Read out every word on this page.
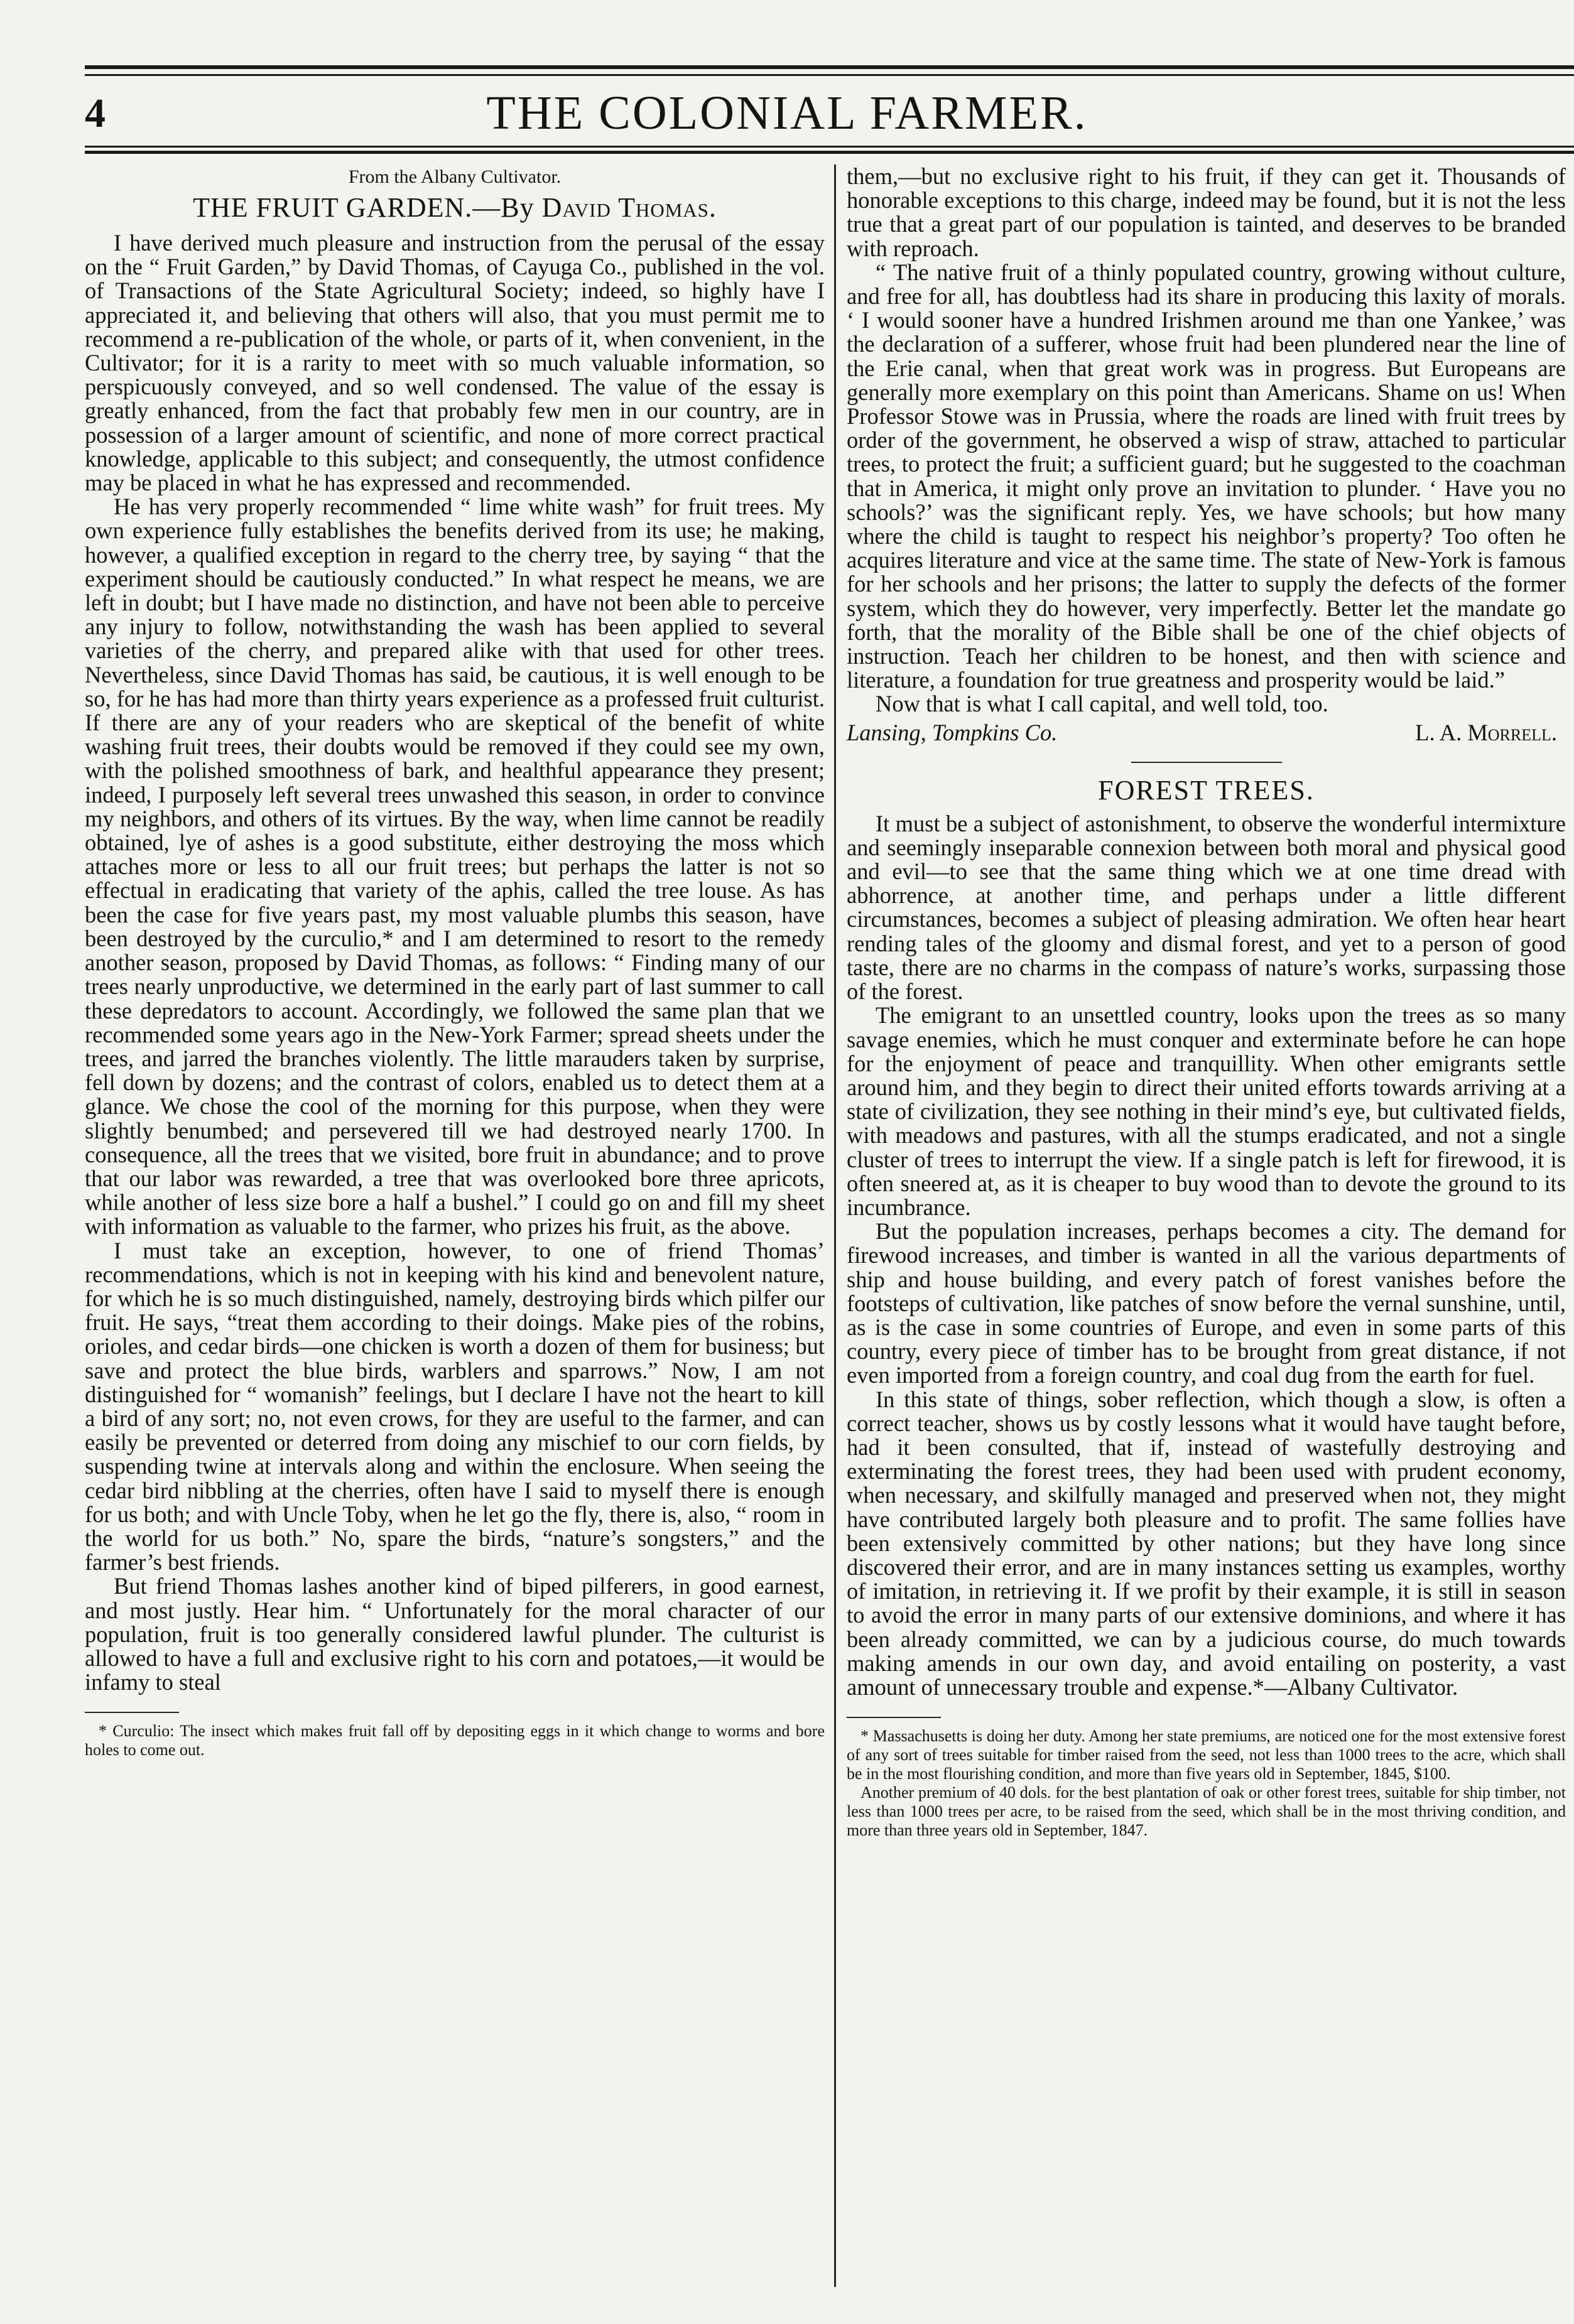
4	THE COLONIAL FARMER.

From the Albany Cultivator.

THE FRUIT GARDEN.—By David Thomas.

I have derived much pleasure and instruction from the perusal of the essay on the “ Fruit Garden,” by David Thomas, of Cayuga Co., published in the vol. of Transactions of the State Agricultural Society; indeed, so highly have I appreciated it, and believing that others will also, that you must permit me to recommend a re-publication of the whole, or parts of it, when convenient, in the Cultivator; for it is a rarity to meet with so much valuable information, so perspicuously conveyed, and so well condensed. The value of the essay is greatly enhanced, from the fact that probably few men in our country, are in possession of a larger amount of scientific, and none of more correct practical knowledge, applicable to this subject; and consequently, the utmost confidence may be placed in what he has expressed and recommended.

He has very properly recommended “ lime white wash” for fruit trees. My own experience fully establishes the benefits derived from its use; he making, however, a qualified exception in regard to the cherry tree, by saying “ that the experiment should be cautiously conducted.” In what respect he means, we are left in doubt; but I have made no distinction, and have not been able to perceive any injury to follow, notwithstanding the wash has been applied to several varieties of the cherry, and prepared alike with that used for other trees. Nevertheless, since David Thomas has said, be cautious, it is well enough to be so, for he has had more than thirty years experience as a professed fruit culturist. If there are any of your readers who are skeptical of the benefit of white washing fruit trees, their doubts would be removed if they could see my own, with the polished smoothness of bark, and healthful appearance they present; indeed, I purposely left several trees unwashed this season, in order to convince my neighbors, and others of its virtues. By the way, when lime cannot be readily obtained, lye of ashes is a good substitute, either destroying the moss which attaches more or less to all our fruit trees; but perhaps the latter is not so effectual in eradicating that variety of the aphis, called the tree louse. As has been the case for five years past, my most valuable plumbs this season, have been destroyed by the curculio,* and I am determined to resort to the remedy another season, proposed by David Thomas, as follows: “ Finding many of our trees nearly unproductive, we determined in the early part of last summer to call these depredators to account. Accordingly, we followed the same plan that we recommended some years ago in the New-York Farmer; spread sheets under the trees, and jarred the branches violently. The little marauders taken by surprise, fell down by dozens; and the contrast of colors, enabled us to detect them at a glance. We chose the cool of the morning for this purpose, when they were slightly benumbed; and persevered till we had destroyed nearly 1700. In consequence, all the trees that we visited, bore fruit in abundance; and to prove that our labor was rewarded, a tree that was overlooked bore three apricots, while another of less size bore a half a bushel.” I could go on and fill my sheet with information as valuable to the farmer, who prizes his fruit, as the above.

I must take an exception, however, to one of friend Thomas’ recommendations, which is not in keeping with his kind and benevolent nature, for which he is so much distinguished, namely, destroying birds which pilfer our fruit. He says, “treat them according to their doings. Make pies of the robins, orioles, and cedar birds—one chicken is worth a dozen of them for business; but save and protect the blue birds, warblers and sparrows.” Now, I am not distinguished for “ womanish” feelings, but I declare I have not the heart to kill a bird of any sort; no, not even crows, for they are useful to the farmer, and can easily be prevented or deterred from doing any mischief to our corn fields, by suspending twine at intervals along and within the enclosure. When seeing the cedar bird nibbling at the cherries, often have I said to myself there is enough for us both; and with Uncle Toby, when he let go the fly, there is, also, “ room in the world for us both.” No, spare the birds, “nature’s songsters,” and the farmer’s best friends.

But friend Thomas lashes another kind of biped pilferers, in good earnest, and most justly. Hear him. “ Unfortunately for the moral character of our population, fruit is too generally considered lawful plunder. The culturist is allowed to have a full and exclusive right to his corn and potatoes,—it would be infamy to steal

* Curculio: The insect which makes fruit fall off by depositing eggs in it which change to worms and bore holes to come out.

them,—but no exclusive right to his fruit, if they can get it. Thousands of honorable exceptions to this charge, indeed may be found, but it is not the less true that a great part of our population is tainted, and deserves to be branded with reproach.

“ The native fruit of a thinly populated country, growing without culture, and free for all, has doubtless had its share in producing this laxity of morals. ‘ I would sooner have a hundred Irishmen around me than one Yankee,’ was the declaration of a sufferer, whose fruit had been plundered near the line of the Erie canal, when that great work was in progress. But Europeans are generally more exemplary on this point than Americans. Shame on us! When Professor Stowe was in Prussia, where the roads are lined with fruit trees by order of the government, he observed a wisp of straw, attached to particular trees, to protect the fruit; a sufficient guard; but he suggested to the coachman that in America, it might only prove an invitation to plunder. ‘ Have you no schools?’ was the significant reply. Yes, we have schools; but how many where the child is taught to respect his neighbor’s property? Too often he acquires literature and vice at the same time. The state of New-York is famous for her schools and her prisons; the latter to supply the defects of the former system, which they do however, very imperfectly. Better let the mandate go forth, that the morality of the Bible shall be one of the chief objects of instruction. Teach her children to be honest, and then with science and literature, a foundation for true greatness and prosperity would be laid.”

Now that is what I call capital, and well told, too.

Lansing, Tompkins Co.	L. A. Morrell.
FOREST TREES.

It must be a subject of astonishment, to observe the wonderful intermixture and seemingly inseparable connexion between both moral and physical good and evil—to see that the same thing which we at one time dread with abhorrence, at another time, and perhaps under a little different circumstances, becomes a subject of pleasing admiration. We often hear heart rending tales of the gloomy and dismal forest, and yet to a person of good taste, there are no charms in the compass of nature’s works, surpassing those of the forest.

The emigrant to an unsettled country, looks upon the trees as so many savage enemies, which he must conquer and exterminate before he can hope for the enjoyment of peace and tranquillity. When other emigrants settle around him, and they begin to direct their united efforts towards arriving at a state of civilization, they see nothing in their mind’s eye, but cultivated fields, with meadows and pastures, with all the stumps eradicated, and not a single cluster of trees to interrupt the view. If a single patch is left for firewood, it is often sneered at, as it is cheaper to buy wood than to devote the ground to its incumbrance.

But the population increases, perhaps becomes a city. The demand for firewood increases, and timber is wanted in all the various departments of ship and house building, and every patch of forest vanishes before the footsteps of cultivation, like patches of snow before the vernal sunshine, until, as is the case in some countries of Europe, and even in some parts of this country, every piece of timber has to be brought from great distance, if not even imported from a foreign country, and coal dug from the earth for fuel.

In this state of things, sober reflection, which though a slow, is often a correct teacher, shows us by costly lessons what it would have taught before, had it been consulted, that if, instead of wastefully destroying and exterminating the forest trees, they had been used with prudent economy, when necessary, and skilfully managed and preserved when not, they might have contributed largely both pleasure and to profit. The same follies have been extensively committed by other nations; but they have long since discovered their error, and are in many instances setting us examples, worthy of imitation, in retrieving it. If we profit by their example, it is still in season to avoid the error in many parts of our extensive dominions, and where it has been already committed, we can by a judicious course, do much towards making amends in our own day, and avoid entailing on posterity, a vast amount of unnecessary trouble and expense.*—Albany Cultivator.

* Massachusetts is doing her duty. Among her state premiums, are noticed one for the most extensive forest of any sort of trees suitable for timber raised from the seed, not less than 1000 trees to the acre, which shall be in the most flourishing condition, and more than five years old in September, 1845, $100.

Another premium of 40 dols. for the best plantation of oak or other forest trees, suitable for ship timber, not less than 1000 trees per acre, to be raised from the seed, which shall be in the most thriving condition, and more than three years old in September, 1847.
